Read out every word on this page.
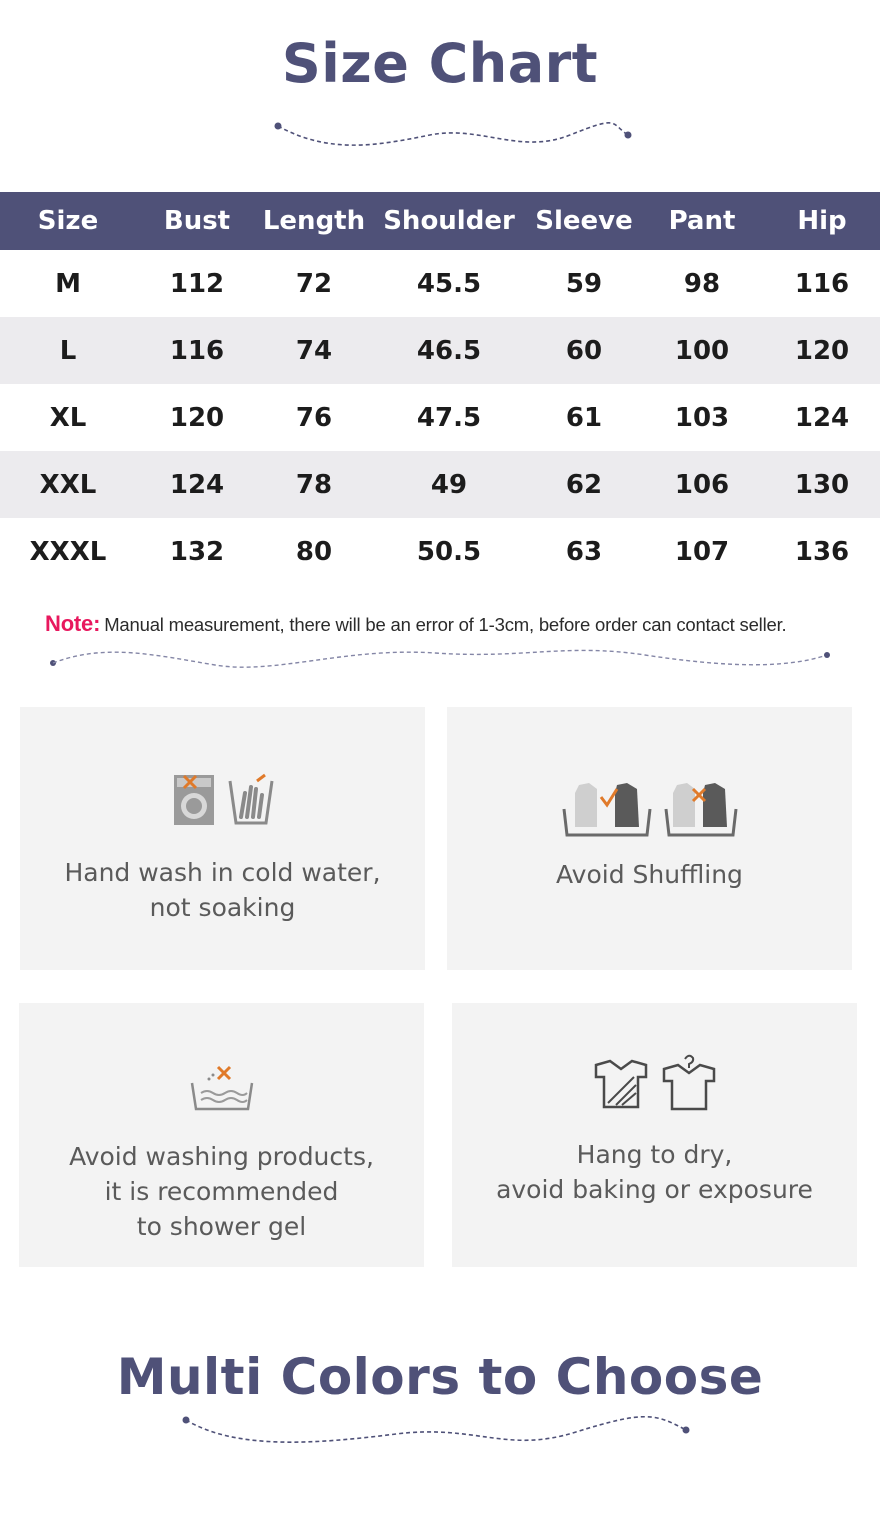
Size Chart
Size	Bust	Length	Shoulder	Sleeve	Pant	Hip
M	112	72	45.5	59	98	116
L	116	74	46.5	60	100	120
XL	120	76	47.5	61	103	124
XXL	124	78	49	62	106	130
XXXL	132	80	50.5	63	107	136
Note: Manual measurement, there will be an error of 1-3cm, before order can contact seller.
Hand wash in cold water,
not soaking
Avoid Shuffling
Avoid washing products,
it is recommended
to shower gel
Hang to dry,
avoid baking or exposure
Multi Colors to Choose
